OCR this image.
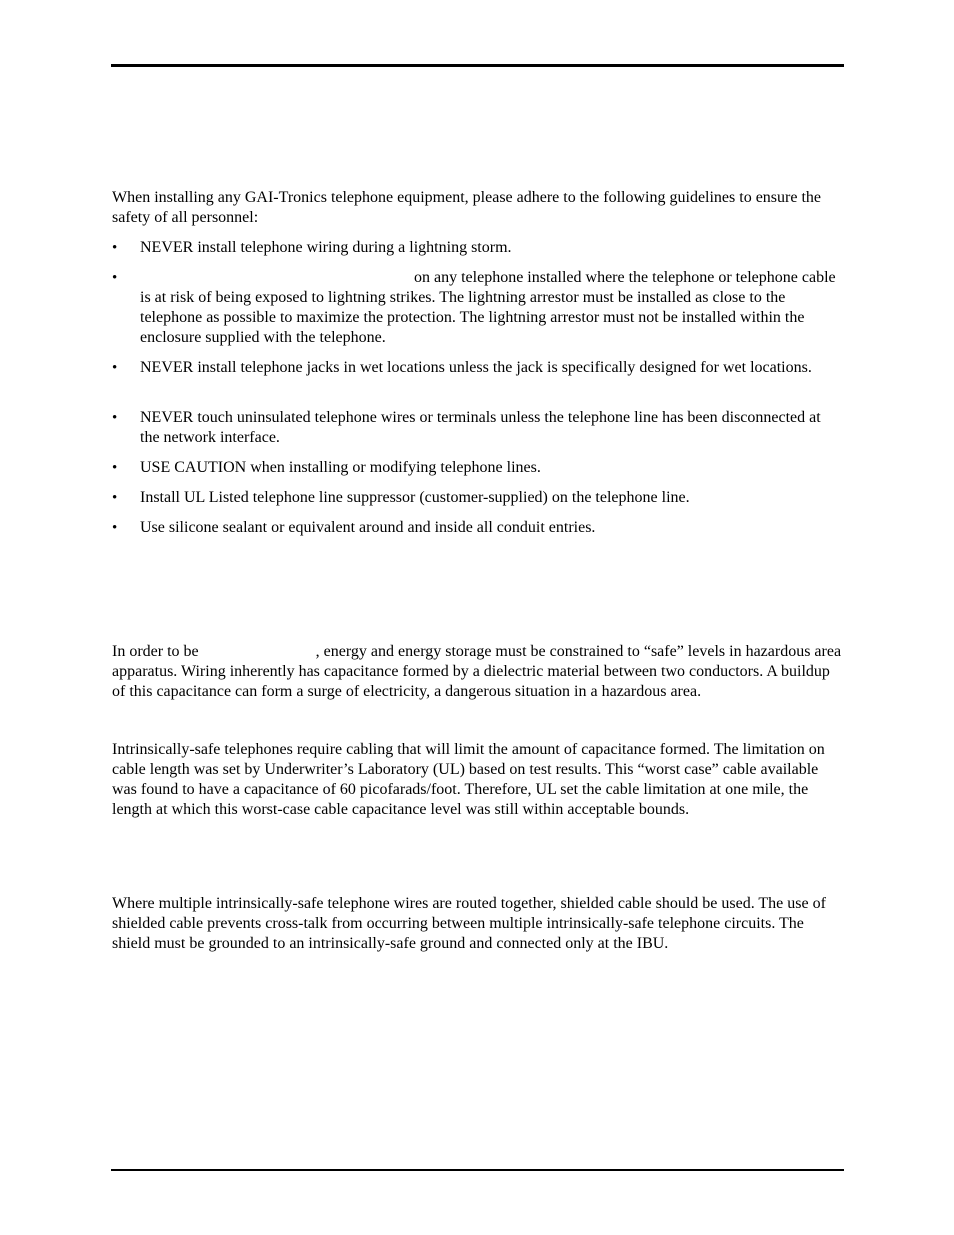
When installing any GAI-Tronics telephone equipment, please adhere to the following guidelines to ensure the safety of all personnel:

•	NEVER install telephone wiring during a lightning storm.
•	on any telephone installed where the telephone or telephone cable is at risk of being exposed to lightning strikes. The lightning arrestor must be installed as close to the telephone as possible to maximize the protection. The lightning arrestor must not be installed within the enclosure supplied with the telephone.
•	NEVER install telephone jacks in wet locations unless the jack is specifically designed for wet locations.
•	NEVER touch uninsulated telephone wires or terminals unless the telephone line has been disconnected at the network interface.
•	USE CAUTION when installing or modifying telephone lines.
•	Install UL Listed telephone line suppressor (customer-supplied) on the telephone line.
•	Use silicone sealant or equivalent around and inside all conduit entries.

In order to be	, energy and energy storage must be constrained to “safe” levels in hazardous area apparatus. Wiring inherently has capacitance formed by a dielectric material between two conductors. A buildup of this capacitance can form a surge of electricity, a dangerous situation in a hazardous area.

Intrinsically-safe telephones require cabling that will limit the amount of capacitance formed. The limitation on cable length was set by Underwriter’s Laboratory (UL) based on test results. This “worst case” cable available was found to have a capacitance of 60 picofarads/foot. Therefore, UL set the cable limitation at one mile, the length at which this worst-case cable capacitance level was still within acceptable bounds.

Where multiple intrinsically-safe telephone wires are routed together, shielded cable should be used. The use of shielded cable prevents cross-talk from occurring between multiple intrinsically-safe telephone circuits. The shield must be grounded to an intrinsically-safe ground and connected only at the IBU.
